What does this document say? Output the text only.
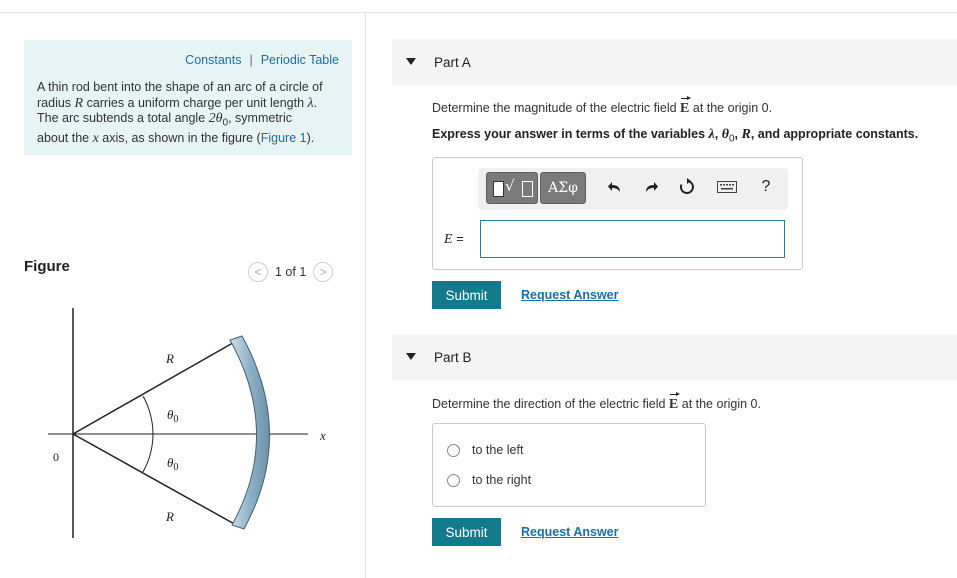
Constants | Periodic Table
A thin rod bent into the shape of an arc of a circle of
radius R carries a uniform charge per unit length λ.
The arc subtends a total angle $2\theta_0$, symmetric
about the x axis, as shown in the figure (Figure 1).
Figure	< 1 of 1 >
R
$\theta_0$
$\theta_0$
R
x
0
Part A
Determine the magnitude of the electric field E at the origin 0.
Express your answer in terms of the variables λ, $\theta_0$, R, and appropriate constants.
√	ΑΣφ	?
E =
Submit	Request Answer
Part B
Determine the direction of the electric field E at the origin 0.
to the left
to the right
Submit	Request Answer
